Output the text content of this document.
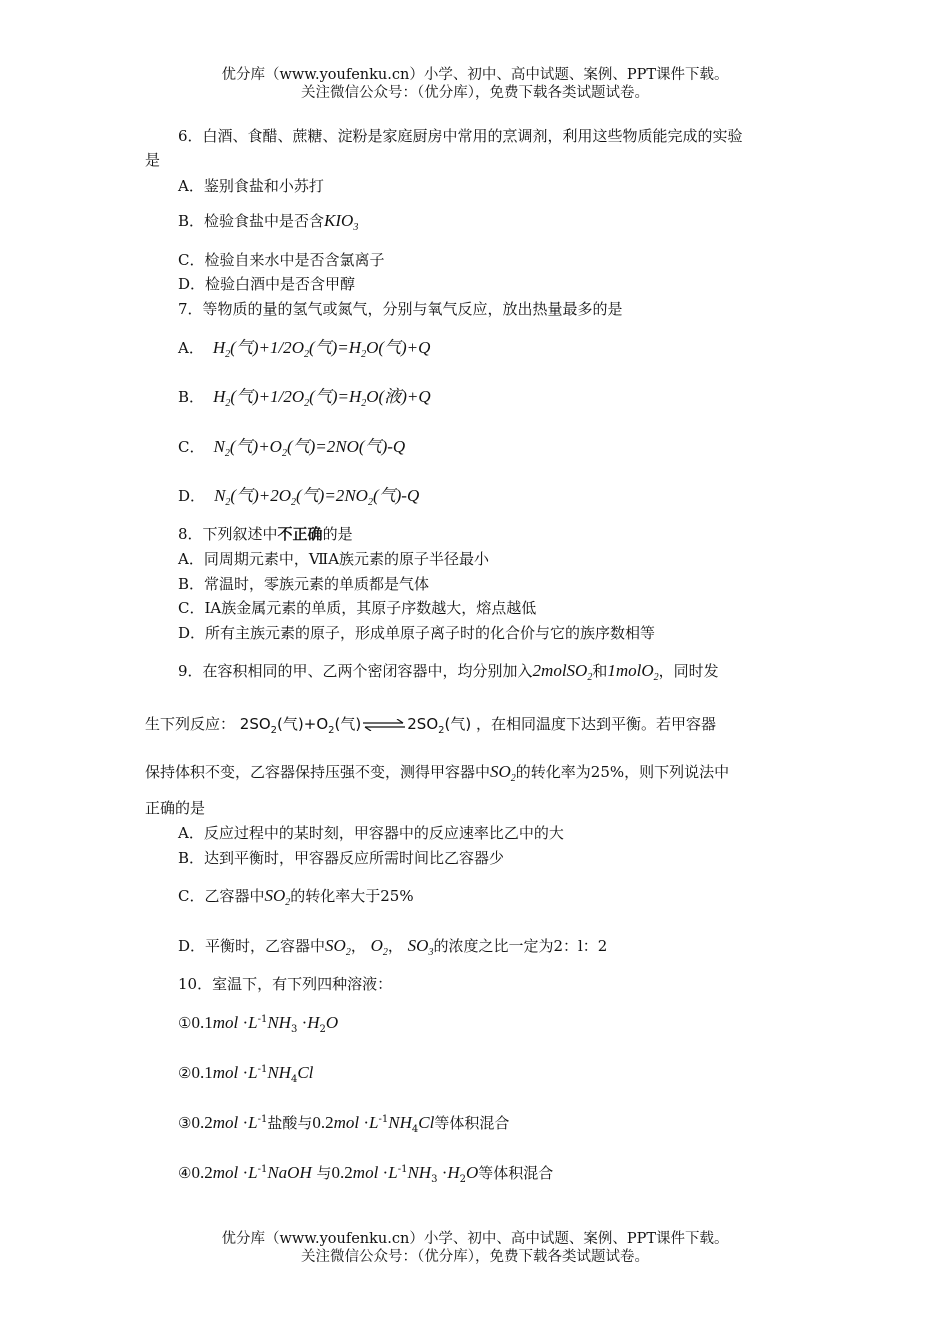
优分库（www.youfenku.cn）小学、初中、高中试题、案例、PPT课件下载。
关注微信公众号：（优分库），免费下载各类试题试卷。
6．白酒、食醋、蔗糖、淀粉是家庭厨房中常用的烹调剂，利用这些物质能完成的实验
是
A．鉴别食盐和小苏打
B．检验食盐中是否含$KIO_3$
C．检验自来水中是否含氯离子
D．检验白酒中是否含甲醇
7．等物质的量的氢气或氮气，分别与氧气反应，放出热量最多的是
A．  $H_2$(气)$+1/2O_2$(气)$=H_2O$(气)+Q
B．  $H_2$(气)$+1/2O_2$(气)$=H_2O$(液)+Q
C．  $N_2$(气)$+O_2$(气)=2NO(气)-Q
D．  $N_2$(气)$+2O_2$(气)$=2NO_2$(气)-Q
8．下列叙述中不正确的是
A．同周期元素中，ⅦA族元素的原子半径最小
B．常温时，零族元素的单质都是气体
C．IA族金属元素的单质，其原子序数越大，熔点越低
D．所有主族元素的原子，形成单原子离子时的化合价与它的族序数相等
9．在容积相同的甲、乙两个密闭容器中，均分别加入2molSO$_2$和1molO$_2$，同时发
生下列反应： $2SO_2$(气)$+O_2$(气) ⇌ $2SO_2$(气) ，在相同温度下达到平衡。若甲容器
保持体积不变，乙容器保持压强不变，测得甲容器中$SO_2$的转化率为25%，则下列说法中
正确的是
A．反应过程中的某时刻，甲容器中的反应速率比乙中的大
B．达到平衡时，甲容器反应所需时间比乙容器少
C．乙容器中$SO_2$的转化率大于25%
D．平衡时，乙容器中$SO_2$， $O_2$， $SO_3$的浓度之比一定为2：l：2
10．室温下，有下列四种溶液：
①0.1mol $\cdot L^{-1}NH_3 \cdot H_2O$
②0.1mol $\cdot L^{-1}NH_4Cl$
③0.2mol $\cdot L^{-1}$盐酸与$0.2mol \cdot L^{-1}NH_4Cl$等体积混合
④0.2mol $\cdot L^{-1}NaOH$ 与$0.2mol \cdot L^{-1}NH_3 \cdot H_2O$等体积混合
优分库（www.youfenku.cn）小学、初中、高中试题、案例、PPT课件下载。
关注微信公众号：（优分库），免费下载各类试题试卷。
